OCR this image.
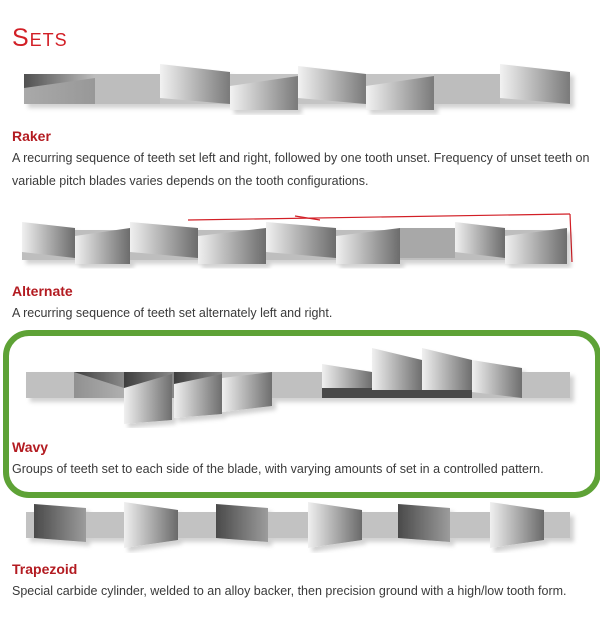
Sets
Raker
A recurring sequence of teeth set left and right, followed by one tooth unset. Frequency of unset teeth on variable pitch blades varies depends on the tooth configurations.
Alternate
A recurring sequence of teeth set alternately left and right.
Wavy
Groups of teeth set to each side of the blade, with varying amounts of set in a controlled pattern.
Trapezoid
Special carbide cylinder, welded to an alloy backer, then precision ground with a high/low tooth form.
